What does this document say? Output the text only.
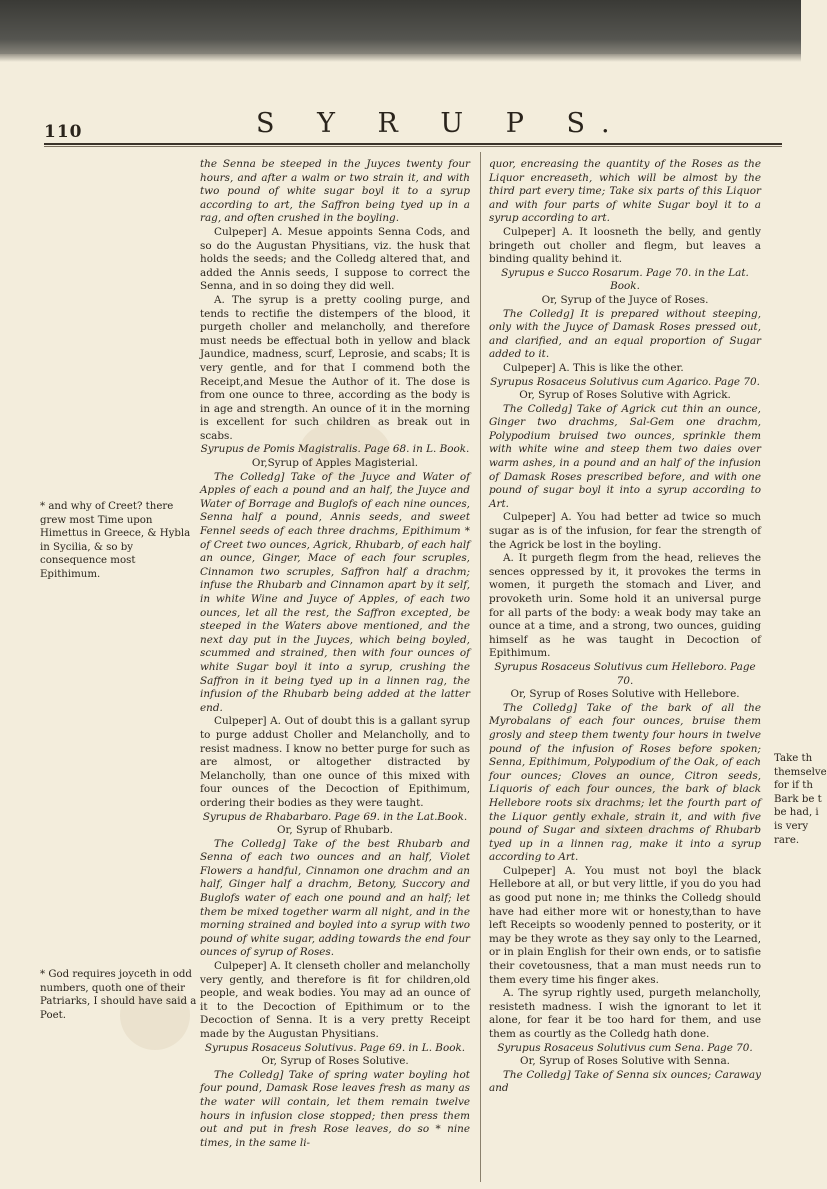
110	S Y R U P S.

the Senna be steeped in the Juyces twenty four hours, and after a walm or two strain it, and with two pound of white sugar boyl it to a syrup according to art, the Saffron being tyed up in a rag, and often crushed in the boyling.

Culpeper] A. Mesue appoints Senna Cods, and so do the Augustan Physitians, viz. the husk that holds the seeds; and the Colledg altered that, and added the Annis seeds, I suppose to correct the Senna, and in so doing they did well.

A. The syrup is a pretty cooling purge, and tends to rectifie the distempers of the blood, it purgeth choller and melancholly, and therefore must needs be effectual both in yellow and black Jaundice, madness, scurf, Leprosie, and scabs; It is very gentle, and for that I commend both the Receipt,and Mesue the Author of it. The dose is from one ounce to three, according as the body is in age and strength. An ounce of it in the morning is excellent for such children as break out in scabs.

Syrupus de Pomis Magistralis. Page 68. in L. Book.

Or,Syrup of Apples Magisterial.

The Colledg] Take of the Juyce and Water of Apples of each a pound and an half, the Juyce and Water of Borrage and Buglofs of each nine ounces, Senna half a pound, Annis seeds, and sweet Fennel seeds of each three drachms, Epithimum * of Creet two ounces, Agrick, Rhubarb, of each half an ounce, Ginger, Mace of each four scruples, Cinnamon two scruples, Saffron half a drachm; infuse the Rhubarb and Cinnamon apart by it self, in white Wine and Juyce of Apples, of each two ounces, let all the rest, the Saffron excepted, be steeped in the Waters above mentioned, and the next day put in the Juyces, which being boyled, scummed and strained, then with four ounces of white Sugar boyl it into a syrup, crushing the Saffron in it being tyed up in a linnen rag, the infusion of the Rhubarb being added at the latter end.

Culpeper] A. Out of doubt this is a gallant syrup to purge addust Choller and Melancholly, and to resist madness. I know no better purge for such as are almost, or altogether distracted by Melancholly, than one ounce of this mixed with four ounces of the Decoction of Epithimum, ordering their bodies as they were taught.

Syrupus de Rhabarbaro. Page 69. in the Lat.Book.

Or, Syrup of Rhubarb.

The Colledg] Take of the best Rhubarb and Senna of each two ounces and an half, Violet Flowers a handful, Cinnamon one drachm and an half, Ginger half a drachm, Betony, Succory and Buglofs water of each one pound and an half; let them be mixed together warm all night, and in the morning strained and boyled into a syrup with two pound of white sugar, adding towards the end four ounces of syrup of Roses.

Culpeper] A. It clenseth choller and melancholly very gently, and therefore is fit for children,old people, and weak bodies. You may ad an ounce of it to the Decoction of Epithimum or to the Decoction of Senna. It is a very pretty Receipt made by the Augustan Physitians.

Syrupus Rosaceus Solutivus. Page 69. in L. Book.

Or, Syrup of Roses Solutive.

The Colledg] Take of spring water boyling hot four pound, Damask Rose leaves fresh as many as the water will contain, let them remain twelve hours in infusion close stopped; then press them out and put in fresh Rose leaves, do so * nine times, in the same li-

quor, encreasing the quantity of the Roses as the Liquor encreaseth, which will be almost by the third part every time; Take six parts of this Liquor and with four parts of white Sugar boyl it to a syrup according to art.

Culpeper] A. It loosneth the belly, and gently bringeth out choller and flegm, but leaves a binding quality behind it.

Syrupus e Succo Rosarum. Page 70. in the Lat. Book.

Or, Syrup of the Juyce of Roses.

The Colledg] It is prepared without steeping, only with the Juyce of Damask Roses pressed out, and clarified, and an equal proportion of Sugar added to it.

Culpeper] A. This is like the other.

Syrupus Rosaceus Solutivus cum Agarico. Page 70.

Or, Syrup of Roses Solutive with Agrick.

The Colledg] Take of Agrick cut thin an ounce, Ginger two drachms, Sal-Gem one drachm, Polypodium bruised two ounces, sprinkle them with white wine and steep them two daies over warm ashes, in a pound and an half of the infusion of Damask Roses prescribed before, and with one pound of sugar boyl it into a syrup according to Art.

Culpeper] A. You had better ad twice so much sugar as is of the infusion, for fear the strength of the Agrick be lost in the boyling.

A. It purgeth flegm from the head, relieves the sences oppressed by it, it provokes the terms in women, it purgeth the stomach and Liver, and provoketh urin. Some hold it an universal purge for all parts of the body: a weak body may take an ounce at a time, and a strong, two ounces, guiding himself as he was taught in Decoction of Epithimum.

Syrupus Rosaceus Solutivus cum Helleboro. Page 70.

Or, Syrup of Roses Solutive with Hellebore.

The Colledg] Take of the bark of all the Myrobalans of each four ounces, bruise them grosly and steep them twenty four hours in twelve pound of the infusion of Roses before spoken; Senna, Epithimum, Polypodium of the Oak, of each four ounces; Cloves an ounce, Citron seeds, Liquoris of each four ounces, the bark of black Hellebore roots six drachms; let the fourth part of the Liquor gently exhale, strain it, and with five pound of Sugar and sixteen drachms of Rhubarb tyed up in a linnen rag, make it into a syrup according to Art.

Culpeper] A. You must not boyl the black Hellebore at all, or but very little, if you do you had as good put none in; me thinks the Colledg should have had either more wit or honesty,than to have left Receipts so woodenly penned to posterity, or it may be they wrote as they say only to the Learned, or in plain English for their own ends, or to satisfie their covetousness, that a man must needs run to them every time his finger akes.

A. The syrup rightly used, purgeth melancholly, resisteth madness. I wish the ignorant to let it alone, for fear it be too hard for them, and use them as courtly as the Colledg hath done.

Syrupus Rosaceus Solutivus cum Sena. Page 70.

Or, Syrup of Roses Solutive with Senna.

The Colledg] Take of Senna six ounces; Caraway and

* and why of Creet? there grew most Time upon Himettus in Greece, & Hybla in Sycilia, & so by consequence most Epithimum.
* God requires joyceth in odd numbers, quoth one of their Patriarks, I should have said a Poet.
Take th
themselve
for if th
Bark be t
be had, i
is very
rare.
